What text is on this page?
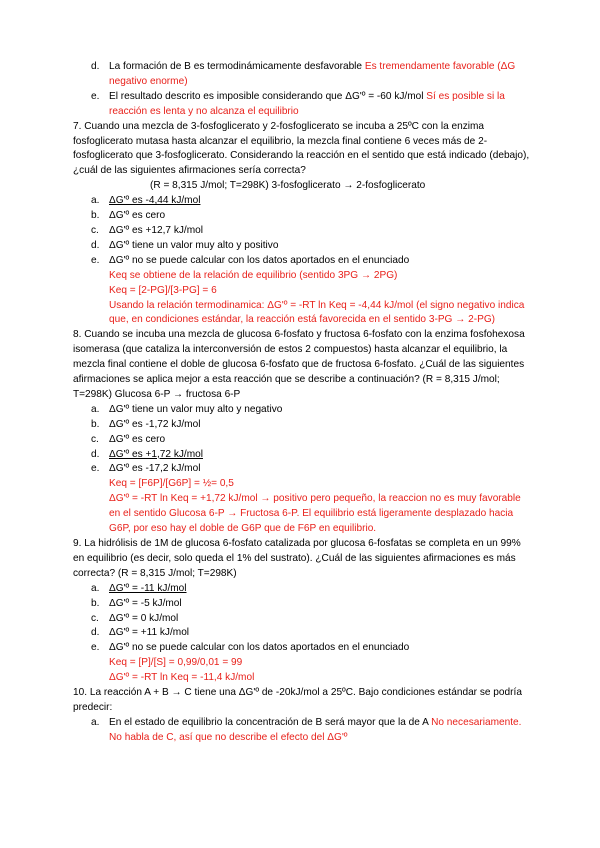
d. La formación de B es termodinámicamente desfavorable Es tremendamente favorable (ΔG negativo enorme)
e. El resultado descrito es imposible considerando que ΔG'º = -60 kJ/mol Sí es posible si la reacción es lenta y no alcanza el equilibrio
7. Cuando una mezcla de 3-fosfoglicerato y 2-fosfoglicerato se incuba a 25ºC con la enzima fosfoglicerato mutasa hasta alcanzar el equilibrio, la mezcla final contiene 6 veces más de 2-fosfoglicerato que 3-fosfoglicerato. Considerando la reacción en el sentido que está indicado (debajo), ¿cuál de las siguientes afirmaciones sería correcta?
(R = 8,315 J/mol; T=298K) 3-fosfoglicerato → 2-fosfoglicerato
a. ΔG'º es -4,44 kJ/mol
b. ΔG'º es cero
c. ΔG'º es +12,7 kJ/mol
d. ΔG'º tiene un valor muy alto y positivo
e. ΔG'º no se puede calcular con los datos aportados en el enunciado
Keq se obtiene de la relación de equilibrio (sentido 3PG → 2PG)
Keq = [2-PG]/[3-PG] = 6
Usando la relación termodinamica: ΔG'º = -RT ln Keq = -4,44 kJ/mol (el signo negativo indica que, en condiciones estándar, la reacción está favorecida en el sentido 3-PG → 2-PG)
8. Cuando se incuba una mezcla de glucosa 6-fosfato y fructosa 6-fosfato con la enzima fosfohexosa isomerasa (que cataliza la interconversión de estos 2 compuestos) hasta alcanzar el equilibrio, la mezcla final contiene el doble de glucosa 6-fosfato que de fructosa 6-fosfato. ¿Cuál de las siguientes afirmaciones se aplica mejor a esta reacción que se describe a continuación? (R = 8,315 J/mol; T=298K) Glucosa 6-P → fructosa 6-P
a. ΔG'º tiene un valor muy alto y negativo
b. ΔG'º es -1,72 kJ/mol
c. ΔG'º es cero
d. ΔG'º es +1,72 kJ/mol
e. ΔG'º es -17,2 kJ/mol
Keq = [F6P]/[G6P] = ½= 0,5
ΔG'º = -RT ln Keq = +1,72 kJ/mol → positivo pero pequeño, la reaccion no es muy favorable en el sentido Glucosa 6-P → Fructosa 6-P. El equilibrio está ligeramente desplazado hacia G6P, por eso hay el doble de G6P que de F6P en equilibrio.
9. La hidrólisis de 1M de glucosa 6-fosfato catalizada por glucosa 6-fosfatas se completa en un 99% en equilibrio (es decir, solo queda el 1% del sustrato). ¿Cuál de las siguientes afirmaciones es más correcta? (R = 8,315 J/mol; T=298K)
a. ΔG'º = -11 kJ/mol
b. ΔG'º = -5 kJ/mol
c. ΔG'º = 0 kJ/mol
d. ΔG'º = +11 kJ/mol
e. ΔG'º no se puede calcular con los datos aportados en el enunciado
Keq = [P]/[S] = 0,99/0,01 = 99
ΔG'º = -RT ln Keq = -11,4 kJ/mol
10. La reacción A + B → C tiene una ΔG'º de -20kJ/mol a 25ºC. Bajo condiciones estándar se podría predecir:
a. En el estado de equilibrio la concentración de B será mayor que la de A No necesariamente. No habla de C, así que no describe el efecto del ΔG'º
